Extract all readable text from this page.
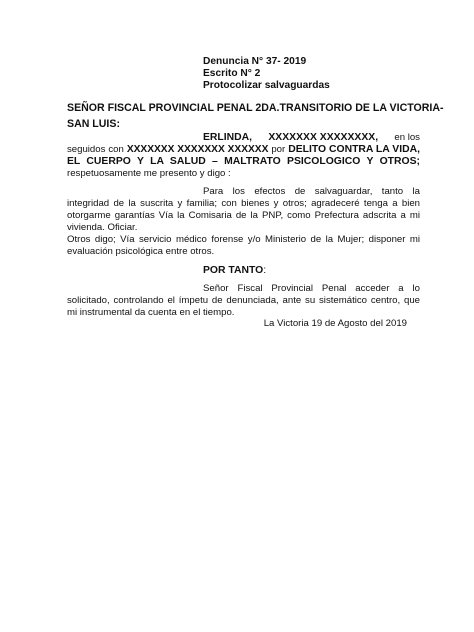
Denuncia N° 37- 2019
Escrito N° 2
Protocolizar salvaguardas
SEÑOR FISCAL PROVINCIAL PENAL 2DA.TRANSITORIO DE LA VICTORIA-
SAN LUIS:
ERLINDA, XXXXXXX XXXXXXXX, en los
seguidos con XXXXXXX XXXXXXX XXXXXX por DELITO CONTRA LA VIDA,
EL CUERPO Y LA SALUD – MALTRATO PSICOLOGICO Y OTROS;
respetuosamente me presento y digo :
Para los efectos de salvaguardar, tanto la
integridad de la suscrita y familia; con bienes y otros; agradeceré tenga a bien
otorgarme garantías Vía la Comisaria de la PNP, como Prefectura adscrita a mi
vivienda. Oficiar.
Otros digo; Vía servicio médico forense y/o Ministerio de la Mujer; disponer mi
evaluación psicológica entre otros.
POR TANTO:
Señor Fiscal Provincial Penal acceder a lo
solicitado, controlando el ímpetu de denunciada, ante su sistemático centro, que
mi instrumental da cuenta en el tiempo.
La Victoria 19 de Agosto del 2019
